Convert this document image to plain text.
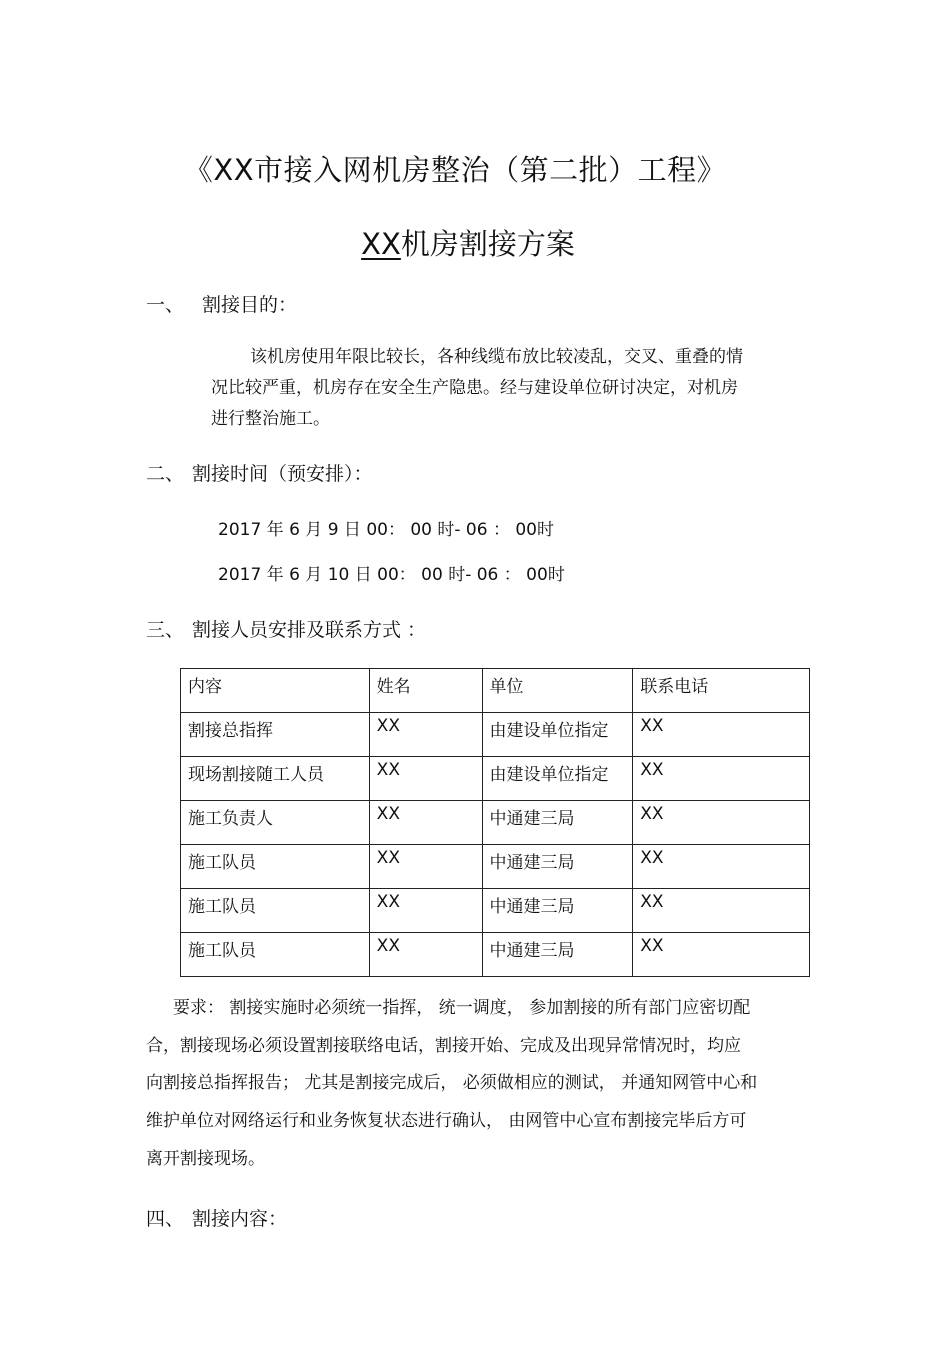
《XX市接入网机房整治（第二批）工程》
XX机房割接方案
一、 割接目的：
该机房使用年限比较长，各种线缆布放比较凌乱，交叉、重叠的情
况比较严重，机房存在安全生产隐患。经与建设单位研讨决定，对机房
进行整治施工。
二、 割接时间（预安排）：
2017 年 6 月 9 日 00： 00 时- 06 ： 00时
2017 年 6 月 10 日 00： 00 时- 06 ： 00时
三、 割接人员安排及联系方式 ：
内容	姓名	单位	联系电话
割接总指挥	XX	由建设单位指定	XX
现场割接随工人员	XX	由建设单位指定	XX
施工负责人	XX	中通建三局	XX
施工队员	XX	中通建三局	XX
施工队员	XX	中通建三局	XX
施工队员	XX	中通建三局	XX
要求： 割接实施时必须统一指挥， 统一调度， 参加割接的所有部门应密切配
合，割接现场必须设置割接联络电话，割接开始、完成及出现异常情况时，均应
向割接总指挥报告； 尤其是割接完成后， 必须做相应的测试， 并通知网管中心和
维护单位对网络运行和业务恢复状态进行确认， 由网管中心宣布割接完毕后方可
离开割接现场。
四、 割接内容：
